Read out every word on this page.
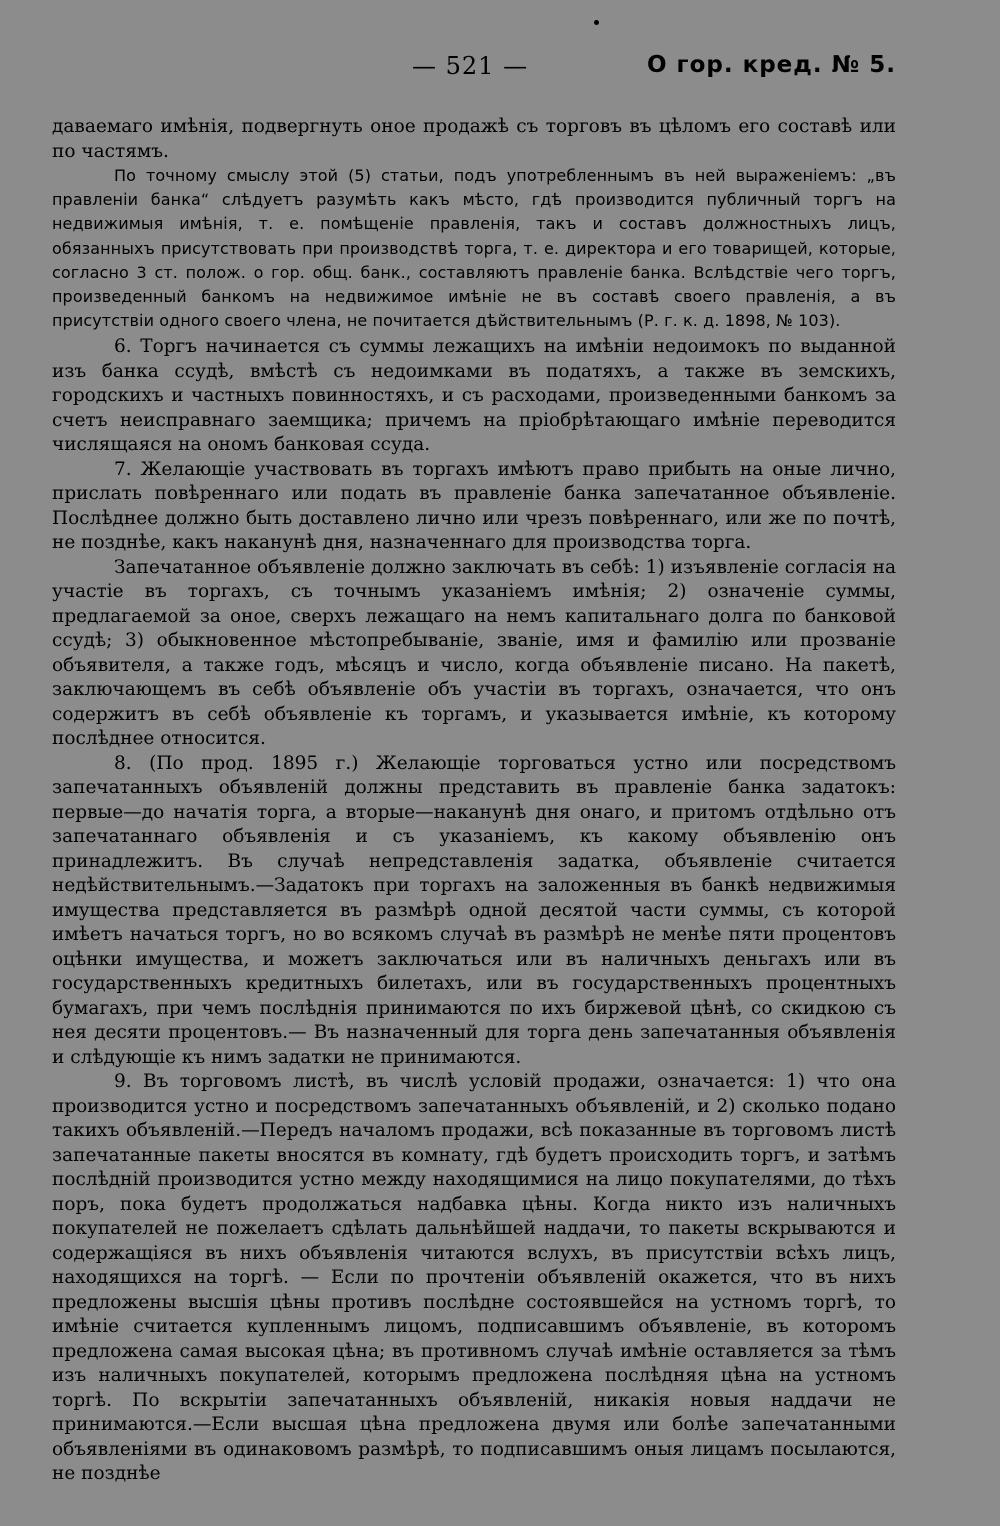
— 521 —	О гор. кред. № 5.

даваемаго имѣнія, подвергнуть оное продажѣ съ торговъ въ цѣломъ его составѣ или по частямъ.

По точному смыслу этой (5) статьи, подъ употребленнымъ въ ней выраженіемъ: „въ правленіи банка“ слѣдуетъ разумѣть какъ мѣсто, гдѣ производится публичный торгъ на недвижимыя имѣнія, т. е. помѣщеніе правленія, такъ и составъ должностныхъ лицъ, обязанныхъ присутствовать при производствѣ торга, т. е. директора и его товарищей, которые, согласно 3 ст. полож. о гор. общ. банк., составляютъ правленіе банка. Вслѣдствіе чего торгъ, произведенный банкомъ на недвижимое имѣніе не въ составѣ своего правленія, а въ присутствіи одного своего члена, не почитается дѣйствительнымъ (Р. г. к. д. 1898, № 103).

6. Торгъ начинается съ суммы лежащихъ на имѣніи недоимокъ по выданной изъ банка ссудѣ, вмѣстѣ съ недоимками въ податяхъ, а также въ земскихъ, городскихъ и частныхъ повинностяхъ, и съ расходами, произведенными банкомъ за счетъ неисправнаго заемщика; причемъ на пріобрѣтающаго имѣніе переводится числящаяся на ономъ банковая ссуда.

7. Желающіе участвовать въ торгахъ имѣютъ право прибыть на оные лично, прислать повѣреннаго или подать въ правленіе банка запечатанное объявленіе. Послѣднее должно быть доставлено лично или чрезъ повѣреннаго, или же по почтѣ, не позднѣе, какъ наканунѣ дня, назначеннаго для производства торга.

Запечатанное объявленіе должно заключать въ себѣ: 1) изъявленіе согласія на участіе въ торгахъ, съ точнымъ указаніемъ имѣнія; 2) означеніе суммы, предлагаемой за оное, сверхъ лежащаго на немъ капитальнаго долга по банковой ссудѣ; 3) обыкновенное мѣстопребываніе, званіе, имя и фамилію или прозваніе объявителя, а также годъ, мѣсяцъ и число, когда объявленіе писано. На пакетѣ, заключающемъ въ себѣ объявленіе объ участіи въ торгахъ, означается, что онъ содержитъ въ себѣ объявленіе къ торгамъ, и указывается имѣніе, къ которому послѣднее относится.

8. (По прод. 1895 г.) Желающіе торговаться устно или посредствомъ запечатанныхъ объявленій должны представить въ правленіе банка задатокъ: первые—до начатія торга, а вторые—наканунѣ дня онаго, и притомъ отдѣльно отъ запечатаннаго объявленія и съ указаніемъ, къ какому объявленію онъ принадлежитъ. Въ случаѣ непредставленія задатка, объявленіе считается недѣйствительнымъ.—Задатокъ при торгахъ на заложенныя въ банкѣ недвижимыя имущества представляется въ размѣрѣ одной десятой части суммы, съ которой имѣетъ начаться торгъ, но во всякомъ случаѣ въ размѣрѣ не менѣе пяти процентовъ оцѣнки имущества, и можетъ заключаться или въ наличныхъ деньгахъ или въ государственныхъ кредитныхъ билетахъ, или въ государственныхъ процентныхъ бумагахъ, при чемъ послѣднія принимаются по ихъ биржевой цѣнѣ, со скидкою съ нея десяти процентовъ.— Въ назначенный для торга день запечатанныя объявленія и слѣдующіе къ нимъ задатки не принимаются.

9. Въ торговомъ листѣ, въ числѣ условій продажи, означается: 1) что она производится устно и посредствомъ запечатанныхъ объявленій, и 2) сколько подано такихъ объявленій.—Передъ началомъ продажи, всѣ показанные въ торговомъ листѣ запечатанные пакеты вносятся въ комнату, гдѣ будетъ происходить торгъ, и затѣмъ послѣдній производится устно между находящимися на лицо покупателями, до тѣхъ поръ, пока будетъ продолжаться надбавка цѣны. Когда никто изъ наличныхъ покупателей не пожелаетъ сдѣлать дальнѣйшей наддачи, то пакеты вскрываются и содержащіяся въ нихъ объявленія читаются вслухъ, въ присутствіи всѣхъ лицъ, находящихся на торгѣ. — Если по прочтеніи объявленій окажется, что въ нихъ предложены высшія цѣны противъ послѣдне состоявшейся на устномъ торгѣ, то имѣніе считается купленнымъ лицомъ, подписавшимъ объявленіе, въ которомъ предложена самая высокая цѣна; въ противномъ случаѣ имѣніе оставляется за тѣмъ изъ наличныхъ покупателей, которымъ предложена послѣдняя цѣна на устномъ торгѣ. По вскрытіи запечатанныхъ объявленій, никакія новыя наддачи не принимаются.—Если высшая цѣна предложена двумя или болѣе запечатанными объявленіями въ одинаковомъ размѣрѣ, то подписавшимъ оныя лицамъ посылаются, не позднѣе
